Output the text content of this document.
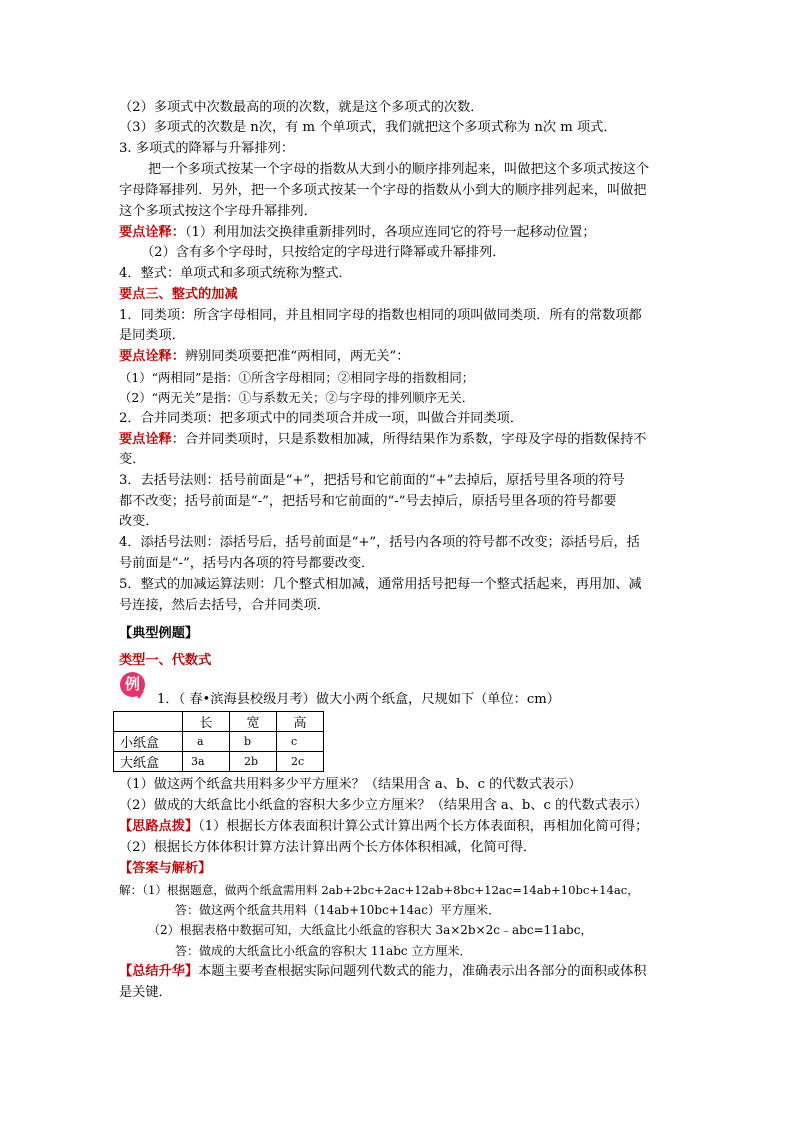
（2）多项式中次数最高的项的次数，就是这个多项式的次数．
（3）多项式的次数是 n次，有 m 个单项式，我们就把这个多项式称为 n次 m 项式．
3. 多项式的降幂与升幂排列：
把一个多项式按某一个字母的指数从大到小的顺序排列起来，叫做把这个多项式按这个
字母降幂排列．另外，把一个多项式按某一个字母的指数从小到大的顺序排列起来，叫做把
这个多项式按这个字母升幂排列．
要点诠释：（1）利用加法交换律重新排列时，各项应连同它的符号一起移动位置；
（2）含有多个字母时，只按给定的字母进行降幂或升幂排列．
4．整式：单项式和多项式统称为整式．
要点三、整式的加减
1．同类项：所含字母相同，并且相同字母的指数也相同的项叫做同类项．所有的常数项都
是同类项．
要点诠释：辨别同类项要把准“两相同，两无关”：
（1）“两相同”是指：①所含字母相同；②相同字母的指数相同；
（2）“两无关”是指：①与系数无关；②与字母的排列顺序无关．
2．合并同类项：把多项式中的同类项合并成一项，叫做合并同类项．
要点诠释：合并同类项时，只是系数相加减，所得结果作为系数，字母及字母的指数保持不
变．
3．去括号法则：括号前面是“+”，把括号和它前面的“+”去掉后，原括号里各项的符号
都不改变；括号前面是“-”，把括号和它前面的“-”号去掉后，原括号里各项的符号都要
改变．
4．添括号法则：添括号后，括号前面是“+”，括号内各项的符号都不改变；添括号后，括
号前面是“-”，括号内各项的符号都要改变．
5．整式的加减运算法则：几个整式相加减，通常用括号把每一个整式括起来，再用加、减
号连接，然后去括号，合并同类项．
【典型例题】
类型一、代数式
例
1．（ 春•滨海县校级月考）做大小两个纸盒，尺规如下（单位：cm）
	长	宽	高
小纸盒	a	b	c
大纸盒	3a	2b	2c
（1）做这两个纸盒共用料多少平方厘米？（结果用含 a、b、c 的代数式表示）
（2）做成的大纸盒比小纸盒的容积大多少立方厘米？（结果用含 a、b、c 的代数式表示）
【思路点拨】（1）根据长方体表面积计算公式计算出两个长方体表面积，再相加化简可得；
（2）根据长方体体积计算方法计算出两个长方体体积相减，化简可得．
【答案与解析】
解：（1）根据题意，做两个纸盒需用料 2ab+2bc+2ac+12ab+8bc+12ac=14ab+10bc+14ac，
答：做这两个纸盒共用料（14ab+10bc+14ac）平方厘米．
（2）根据表格中数据可知，大纸盒比小纸盒的容积大 3a×2b×2c﹣abc=11abc，
答：做成的大纸盒比小纸盒的容积大 11abc 立方厘米．
【总结升华】本题主要考查根据实际问题列代数式的能力，准确表示出各部分的面积或体积
是关键．
